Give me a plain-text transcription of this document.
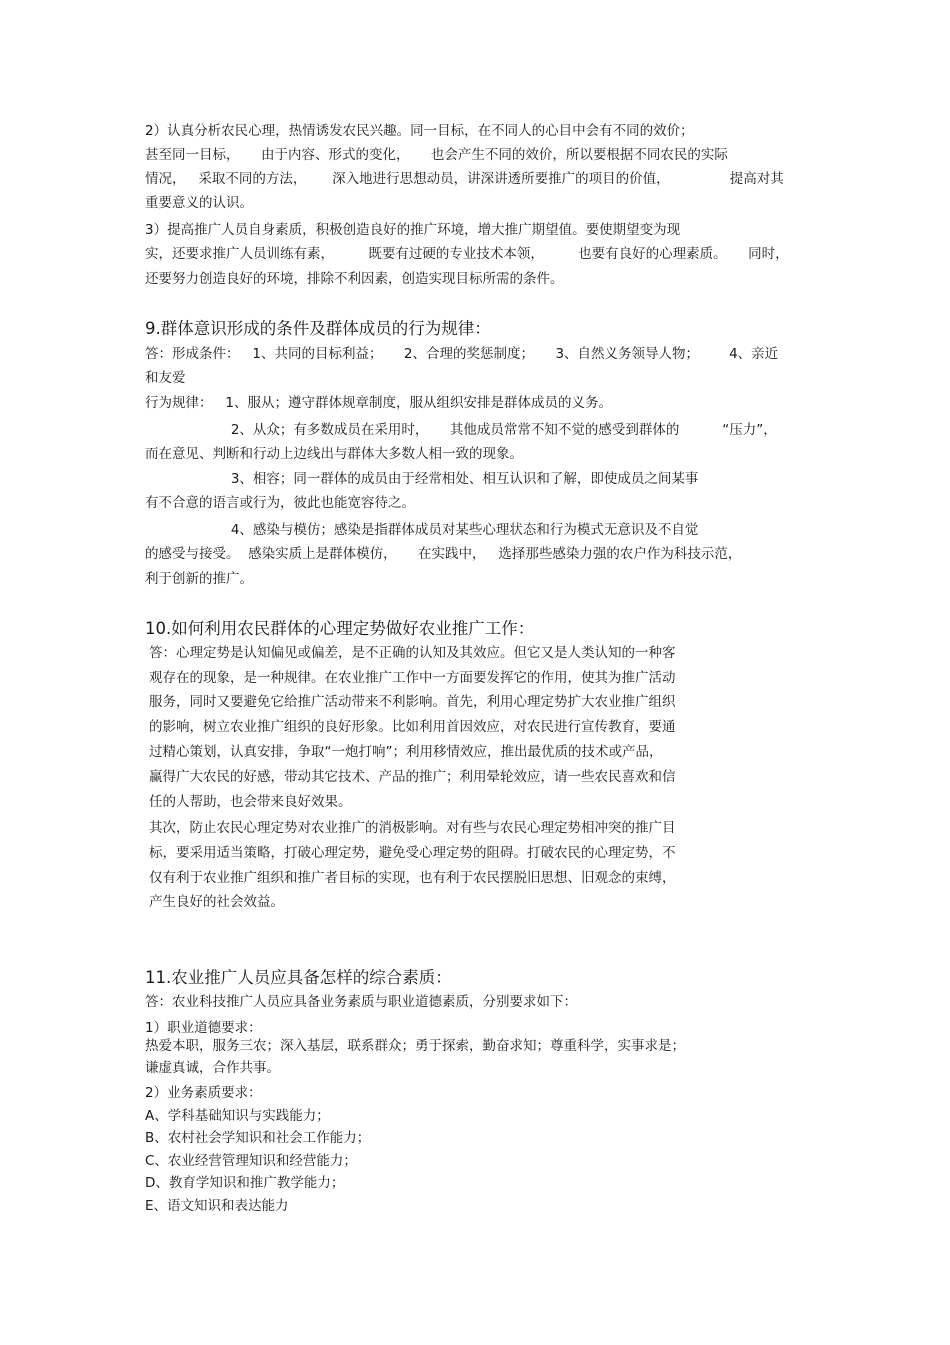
2）认真分析农民心理，热情诱发农民兴趣。同一目标，在不同人的心目中会有不同的效价；

甚至同一目标，     由于内容、形式的变化，     也会产生不同的效价，所以要根据不同农民的实际

情况，   采取不同的方法，      深入地进行思想动员，讲深讲透所要推广的项目的价值，              提高对其

重要意义的认识。

3）提高推广人员自身素质，积极创造良好的推广环境，增大推广期望值。要使期望变为现

实，还要求推广人员训练有素，        既要有过硬的专业技术本领，        也要有良好的心理素质。     同时，

还要努力创造良好的环境，排除不利因素，创造实现目标所需的条件。

9.群体意识形成的条件及群体成员的行为规律：

答：形成条件：   1、共同的目标利益；     2、合理的奖惩制度；     3、自然义务领导人物；       4、亲近

和友爱

行为规律：   1、服从；遵守群体规章制度，服从组织安排是群体成员的义务。

2、从众；有多数成员在采用时，     其他成员常常不知不觉的感受到群体的          “压力”，

而在意见、判断和行动上边线出与群体大多数人相一致的现象。

3、相容；同一群体的成员由于经常相处、相互认识和了解，即使成员之间某事

有不合意的语言或行为，彼此也能宽容待之。

4、感染与模仿；感染是指群体成员对某些心理状态和行为模式无意识及不自觉

的感受与接受。  感染实质上是群体模仿，     在实践中，   选择那些感染力强的农户作为科技示范，

利于创新的推广。

10.如何利用农民群体的心理定势做好农业推广工作：

答：心理定势是认知偏见或偏差，是不正确的认知及其效应。但它又是人类认知的一种客

观存在的现象，是一种规律。在农业推广工作中一方面要发挥它的作用，使其为推广活动

服务，同时又要避免它给推广活动带来不利影响。首先，利用心理定势扩大农业推广组织

的影响，树立农业推广组织的良好形象。比如利用首因效应，对农民进行宣传教育，要通

过精心策划，认真安排，争取“一炮打响”；利用移情效应，推出最优质的技术或产品，

赢得广大农民的好感，带动其它技术、产品的推广；利用晕轮效应，请一些农民喜欢和信

任的人帮助，也会带来良好效果。

其次，防止农民心理定势对农业推广的消极影响。对有些与农民心理定势相冲突的推广目

标，要采用适当策略，打破心理定势，避免受心理定势的阻碍。打破农民的心理定势，不

仅有利于农业推广组织和推广者目标的实现，也有利于农民摆脱旧思想、旧观念的束缚，

产生良好的社会效益。

11.农业推广人员应具备怎样的综合素质：

答：农业科技推广人员应具备业务素质与职业道德素质，分别要求如下：

1）职业道德要求：

热爱本职，服务三农；深入基层，联系群众；勇于探索，勤奋求知；尊重科学，实事求是；

谦虚真诚，合作共事。

2）业务素质要求：

A、学科基础知识与实践能力；

B、农村社会学知识和社会工作能力；

C、农业经营管理知识和经营能力；

D、教育学知识和推广教学能力；

E、语文知识和表达能力
